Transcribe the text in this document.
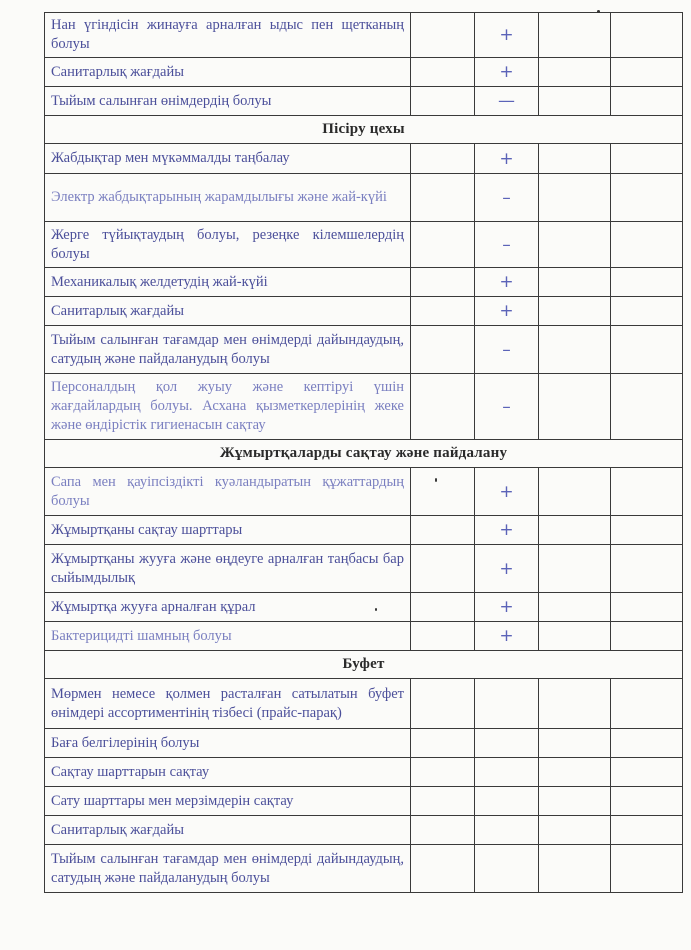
Нан үгіндісін жинауға арналған ыдыс пен щетканың болуы		+		
Санитарлық жағдайы		+		
Тыйым салынған өнімдердің болуы		—		
Пісіру цехы				
Жабдықтар мен мүкәммалды таңбалау		+		
Электр жабдықтарының жарамдылығы және жай-күйі		–		
Жерге түйықтаудың болуы, резеңке кілемшелердің болуы		–		
Механикалық желдетудің жай-күйі		+		
Санитарлық жағдайы		+		
Тыйым салынған тағамдар мен өнімдерді дайындаудың, сатудың және пайдаланудың болуы		–		
Персоналдың қол жуыу және кептіруі үшін жағдайлардың болуы. Асхана қызметкерлерінің жеке және өндірістік гигиенасын сақтау		–		
Жұмыртқаларды сақтау және пайдалану				
Сапа мен қауіпсіздікті куәландыратын құжаттардың болуы		+		
Жұмыртқаны сақтау шарттары		+		
Жұмыртқаны жууға және өңдеуге арналған таңбасы бар сыйымдылық		+		
Жұмыртқа жууға арналған құрал		+		
Бактерицидті шамның болуы		+		
Буфет				
Мөрмен немесе қолмен расталған сатылатын буфет өнімдері ассортиментінің тізбесі (прайс-парақ)				
Баға белгілерінің болуы				
Сақтау шарттарын сақтау				
Сату шарттары мен мерзімдерін сақтау				
Санитарлық жағдайы				
Тыйым салынған тағамдар мен өнімдерді дайындаудың, сатудың және пайдаланудың болуы				
